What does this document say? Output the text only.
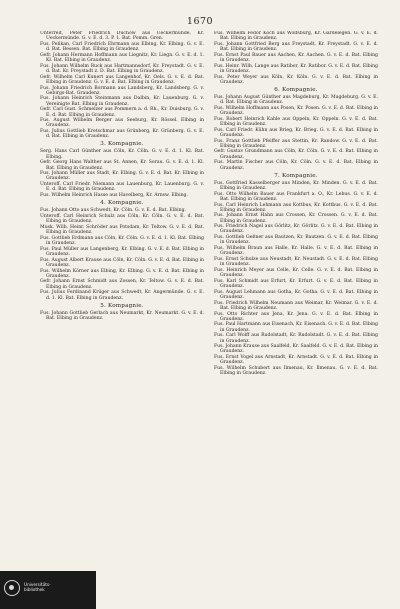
1670
Unterreit, Peter Friedrich Duchow aus Ueckermünde, Kr. Ueckermünde. G. v. E. d. 3. P. 1. Bat. Pomm. Gren.
Fus. Pelikan, Carl Friedrich Ehrmann aus Elbing, Kr. Elbing. G. v. E. d. Bat. Bessen. Bat. Elbing in Graudenz.
Gefr. Johann Hermann Hoffmann aus Liegnitz, Kr. Liegn. G. v. E. d. 1. Kl. Bat. Elbing in Graudenz.
Fus. Johann Wilhelm Ruck aus Hartmannsdorf, Kr. Freystadt. G. v. E. d. Bat. Kr. Freystadt z. D. Bat. Elbing in Graudenz.
Gefr. Wilhelm Carl Kunert aus Langenhof, Kr. Oels. G. v. E. d. Bat. Elbing in Graudenz. G. v. E. d. Bat. Elbing in Graudenz.
Fus. Johann Friedrich Bormann aus Landsberg, Kr. Landsberg. G. v. Gebirgs-Bat. Graudenz.
Fus. Johann Heinrich Steinmann aus Dalbin, Kr. Lauenburg. G. v. Vereinigte Bat. Elbing in Graudenz.
Gefr. Carl Gust. Schmelzer aus Pommern a. d. Rh., Kr. Duisburg. G. v. E. d. Bat. Elbing in Graudenz.
Fus. August Wilhelm Berger aus Seeburg, Kr. Rössel. Elbing in Graudenz.
Fus. Julius Gottlieb Kretschmar aus Grünberg, Kr. Grünberg. G. v. E. d. Bat. Elbing in Graudenz.
3. Kompagnie.
Serg. Hans Carl Günther aus Cöln, Kr. Cöln. G. v. E. d. 1. Kl. Bat. Elbing.
Gefr. Georg Hans Walther aus St. Annen, Kr. Sorau. G. v. E. d. 1. Kl. Bat. Elbing in Graudenz.
Fus. Johann Müller aus Stadt, Kr. Elbing. G. v. E. d. Bat. Kr. Elbing in Graudenz.
Unteroff. Carl Friedr. Niemann aus Lauenburg, Kr. Lauenburg. G. v. E. d. Bat. Elbing in Graudenz.
Fus. Wilhelm Heinrich Hasse aus Havelberg, Kr. Arnsw. Elbing.
4. Kompagnie.
Fus. Johann Otto aus Schwedt, Kr. Cöln. G. v. E. d. Bat. Elbing.
Unteroff. Carl Heinrich Schulz aus Cöln, Kr. Cöln. G. v. E. d. Bat. Elbing in Graudenz.
Musk. Wilh. Heinr. Schröder aus Potsdam, Kr. Teltow. G. v. E. d. Bat. Elbing in Graudenz.
Fus. Gottlieb Erdmann aus Cöln, Kr. Cöln. G. v. E. d. 1. Kl. Bat. Elbing in Graudenz.
Fus. Paul Müller aus Langenberg, Kr. Elbing. G. v. E. d. Bat. Elbing in Graudenz.
Fus. August Albert Krause aus Cöln, Kr. Cöln. G. v. E. d. Bat. Elbing in Graudenz.
Fus. Wilhelm Körner aus Elbing, Kr. Elbing. G. v. E. d. Bat. Elbing in Graudenz.
Gefr. Johann Ernst Schmidt aus Zossen, Kr. Teltow. G. v. E. d. Bat. Elbing in Graudenz.
Fus. Julius Ferdinand Krüger aus Schwedt, Kr. Angermünde. G. v. E. d. 1. Kl. Bat. Elbing in Graudenz.
5. Kompagnie.
Fus. Johann Gottlieb Gerlach aus Neumarkt, Kr. Neumarkt. G. v. E. d. Bat. Elbing in Graudenz.
Fus. Wilhelm Fedor Koch aus Wolfsburg, Kr. Gardelegen. G. v. E. d. Bat. Elbing in Graudenz.
Fus. Johann Gottfried Berg aus Freystadt, Kr. Freystadt. G. v. E. d. Bat. Elbing in Graudenz.
Fus. Ernst Paul Bauer aus Aachen, Kr. Aachen. G. v. E. d. Bat. Elbing in Graudenz.
Fus. Heinr. Wilh. Lange aus Ratibor, Kr. Ratibor. G. v. E. d. Bat. Elbing in Graudenz.
Fus. Peter Weyer aus Köln, Kr. Köln. G. v. E. d. Bat. Elbing in Graudenz.
6. Kompagnie.
Fus. Johann August Günther aus Magdeburg, Kr. Magdeburg. G. v. E. d. Bat. Elbing in Graudenz.
Fus. Wilhelm Hoffmann aus Posen, Kr. Posen. G. v. E. d. Bat. Elbing in Graudenz.
Fus. Robert Heinrich Kahle aus Oppeln, Kr. Oppeln. G. v. E. d. Bat. Elbing in Graudenz.
Fus. Carl Friedr. Kühn aus Brieg, Kr. Brieg. G. v. E. d. Bat. Elbing in Graudenz.
Fus. Franz Gottlieb Pfeiffer aus Stettin, Kr. Randow. G. v. E. d. Bat. Elbing in Graudenz.
Gefr. Gustav Grundmann aus Cöln, Kr. Cöln. G. v. E. d. Bat. Elbing in Graudenz.
Fus. Martin Fischer aus Cöln, Kr. Cöln. G. v. E. d. Bat. Elbing in Graudenz.
7. Kompagnie.
Fus. Gottfried Kasselberger aus Minden, Kr. Minden. G. v. E. d. Bat. Elbing in Graudenz.
Fus. Otto Wilhelm Bauer aus Frankfurt a. O., Kr. Lebus. G. v. E. d. Bat. Elbing in Graudenz.
Fus. Carl Heinrich Lehmann aus Kottbus, Kr. Kottbus. G. v. E. d. Bat. Elbing in Graudenz.
Fus. Johann Ernst Hahn aus Crossen, Kr. Crossen. G. v. E. d. Bat. Elbing in Graudenz.
Fus. Friedrich Nagel aus Görlitz, Kr. Görlitz. G. v. E. d. Bat. Elbing in Graudenz.
Fus. Gottlieb Geßner aus Bautzen, Kr. Bautzen. G. v. E. d. Bat. Elbing in Graudenz.
Fus. Wilhelm Braun aus Halle, Kr. Halle. G. v. E. d. Bat. Elbing in Graudenz.
Fus. Ernst Schulze aus Neustadt, Kr. Neustadt. G. v. E. d. Bat. Elbing in Graudenz.
Fus. Heinrich Meyer aus Celle, Kr. Celle. G. v. E. d. Bat. Elbing in Graudenz.
Fus. Karl Schmidt aus Erfurt, Kr. Erfurt. G. v. E. d. Bat. Elbing in Graudenz.
Fus. August Lehmann aus Gotha, Kr. Gotha. G. v. E. d. Bat. Elbing in Graudenz.
Fus. Friedrich Wilhelm Neumann aus Weimar, Kr. Weimar. G. v. E. d. Bat. Elbing in Graudenz.
Fus. Otto Richter aus Jena, Kr. Jena. G. v. E. d. Bat. Elbing in Graudenz.
Fus. Paul Hartmann aus Eisenach, Kr. Eisenach. G. v. E. d. Bat. Elbing in Graudenz.
Fus. Carl Wolff aus Rudolstadt, Kr. Rudolstadt. G. v. E. d. Bat. Elbing in Graudenz.
Fus. Johann Krause aus Saalfeld, Kr. Saalfeld. G. v. E. d. Bat. Elbing in Graudenz.
Fus. Ernst Vogel aus Arnstadt, Kr. Arnstadt. G. v. E. d. Bat. Elbing in Graudenz.
Fus. Wilhelm Schubert aus Ilmenau, Kr. Ilmenau. G. v. E. d. Bat. Elbing in Graudenz.
Universitäts-
bibliothek
